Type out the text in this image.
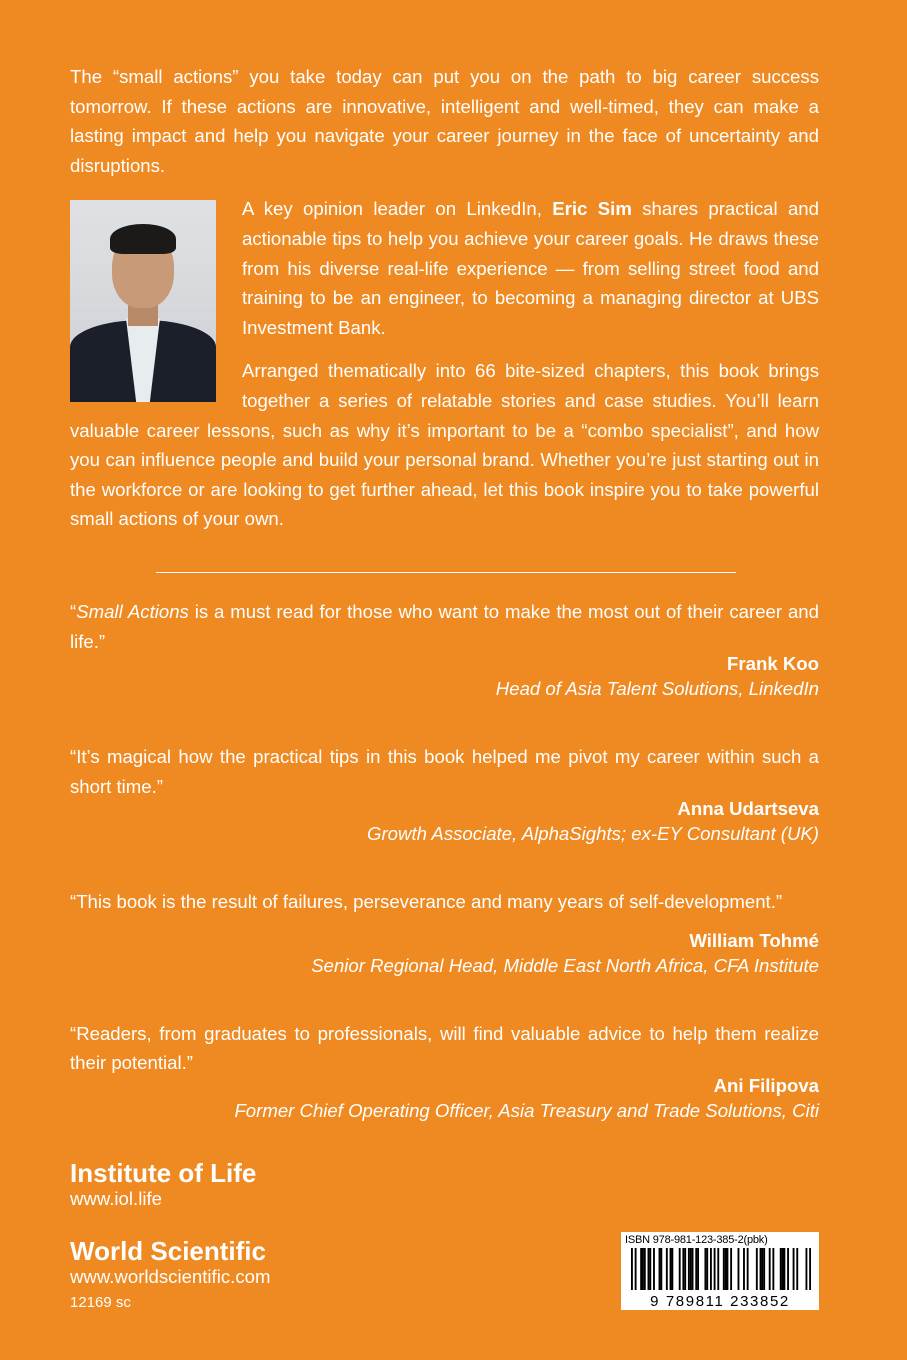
The “small actions” you take today can put you on the path to big career success tomorrow. If these actions are innovative, intelligent and well-timed, they can make a lasting impact and help you navigate your career journey in the face of uncertainty and disruptions.

A key opinion leader on LinkedIn, Eric Sim shares practical and actionable tips to help you achieve your career goals. He draws these from his diverse real-life experience — from selling street food and training to be an engineer, to becoming a managing director at UBS Investment Bank.

Arranged thematically into 66 bite-sized chapters, this book brings together a series of relatable stories and case studies. You’ll learn valuable career lessons, such as why it’s important to be a “combo specialist”, and how you can influence people and build your personal brand. Whether you’re just starting out in the workforce or are looking to get further ahead, let this book inspire you to take powerful small actions of your own.

“Small Actions is a must read for those who want to make the most out of their career and life.”
Frank Koo
Head of Asia Talent Solutions, LinkedIn
“It’s magical how the practical tips in this book helped me pivot my career within such a short time.”
Anna Udartseva
Growth Associate, AlphaSights; ex-EY Consultant (UK)
“This book is the result of failures, perseverance and many years of self-development.”
William Tohmé
Senior Regional Head, Middle East North Africa, CFA Institute
“Readers, from graduates to professionals, will find valuable advice to help them realize their potential.”
Ani Filipova
Former Chief Operating Officer, Asia Treasury and Trade Solutions, Citi
Institute of Life
www.iol.life
World Scientific
www.worldscientific.com
12169 sc
ISBN 978-981-123-385-2(pbk)
9 789811 233852
